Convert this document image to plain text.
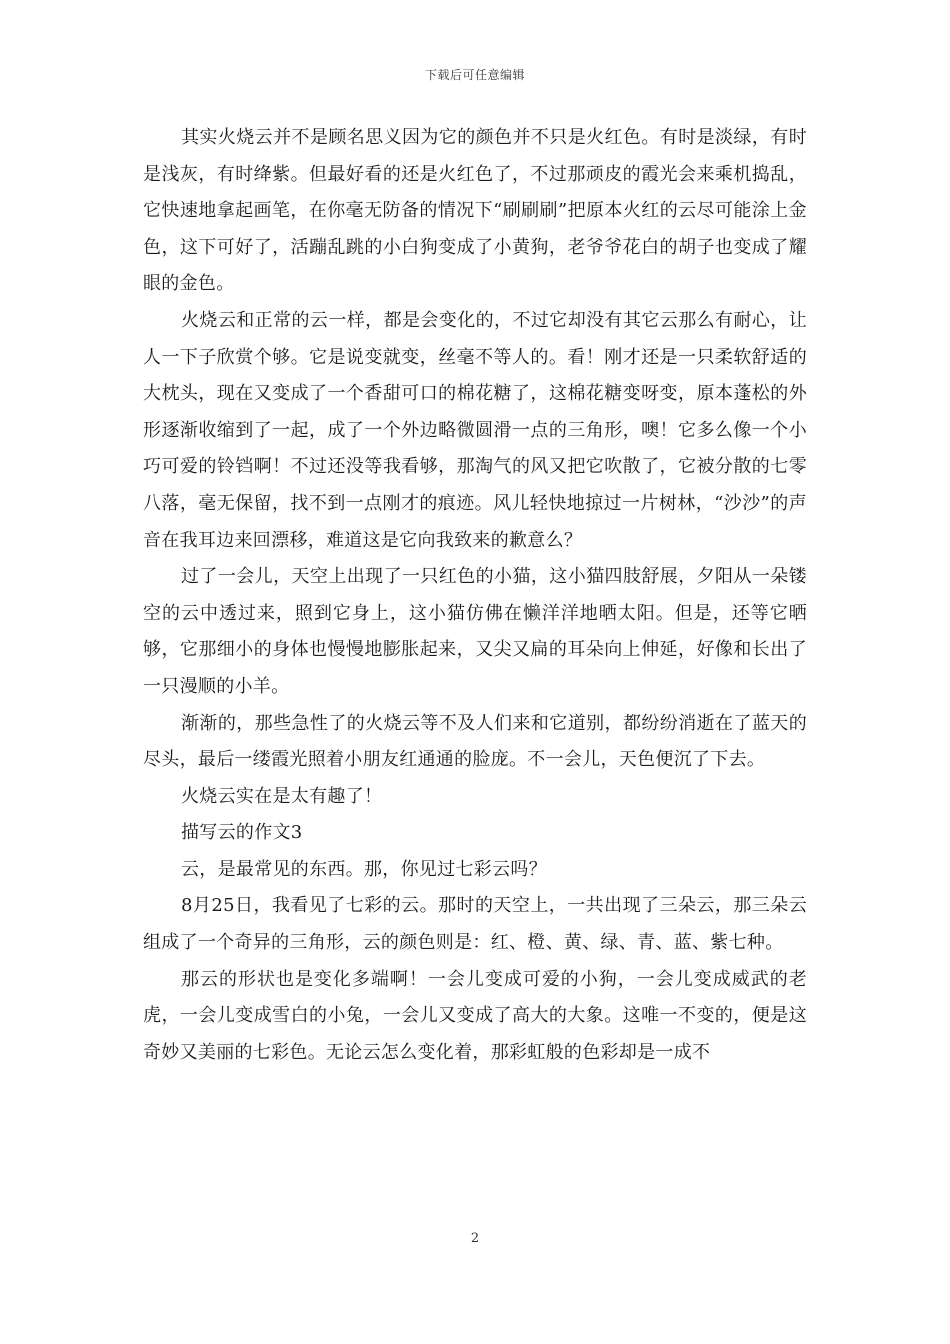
下载后可任意编辑

其实火烧云并不是顾名思义因为它的颜色并不只是火红色。有时是淡绿，有时是浅灰，有时绛紫。但最好看的还是火红色了，不过那顽皮的霞光会来乘机捣乱，它快速地拿起画笔，在你毫无防备的情况下“刷刷刷”把原本火红的云尽可能涂上金色，这下可好了，活蹦乱跳的小白狗变成了小黄狗，老爷爷花白的胡子也变成了耀眼的金色。

火烧云和正常的云一样，都是会变化的，不过它却没有其它云那么有耐心，让人一下子欣赏个够。它是说变就变，丝毫不等人的。看！刚才还是一只柔软舒适的大枕头，现在又变成了一个香甜可口的棉花糖了，这棉花糖变呀变，原本蓬松的外形逐渐收缩到了一起，成了一个外边略微圆滑一点的三角形，噢！它多么像一个小巧可爱的铃铛啊！不过还没等我看够，那淘气的风又把它吹散了，它被分散的七零八落，毫无保留，找不到一点刚才的痕迹。风儿轻快地掠过一片树林，“沙沙”的声音在我耳边来回漂移，难道这是它向我致来的歉意么？

过了一会儿，天空上出现了一只红色的小猫，这小猫四肢舒展，夕阳从一朵镂空的云中透过来，照到它身上，这小猫仿佛在懒洋洋地晒太阳。但是，还等它晒够，它那细小的身体也慢慢地膨胀起来，又尖又扁的耳朵向上伸延，好像和长出了一只漫顺的小羊。

渐渐的，那些急性了的火烧云等不及人们来和它道别，都纷纷消逝在了蓝天的尽头，最后一缕霞光照着小朋友红通通的脸庞。不一会儿，天色便沉了下去。

火烧云实在是太有趣了！

描写云的作文3

云，是最常见的东西。那，你见过七彩云吗？

8月25日，我看见了七彩的云。那时的天空上，一共出现了三朵云，那三朵云组成了一个奇异的三角形，云的颜色则是：红、橙、黄、绿、青、蓝、紫七种。

那云的形状也是变化多端啊！一会儿变成可爱的小狗，一会儿变成威武的老虎，一会儿变成雪白的小兔，一会儿又变成了高大的大象。这唯一不变的，便是这奇妙又美丽的七彩色。无论云怎么变化着，那彩虹般的色彩却是一成不

2
